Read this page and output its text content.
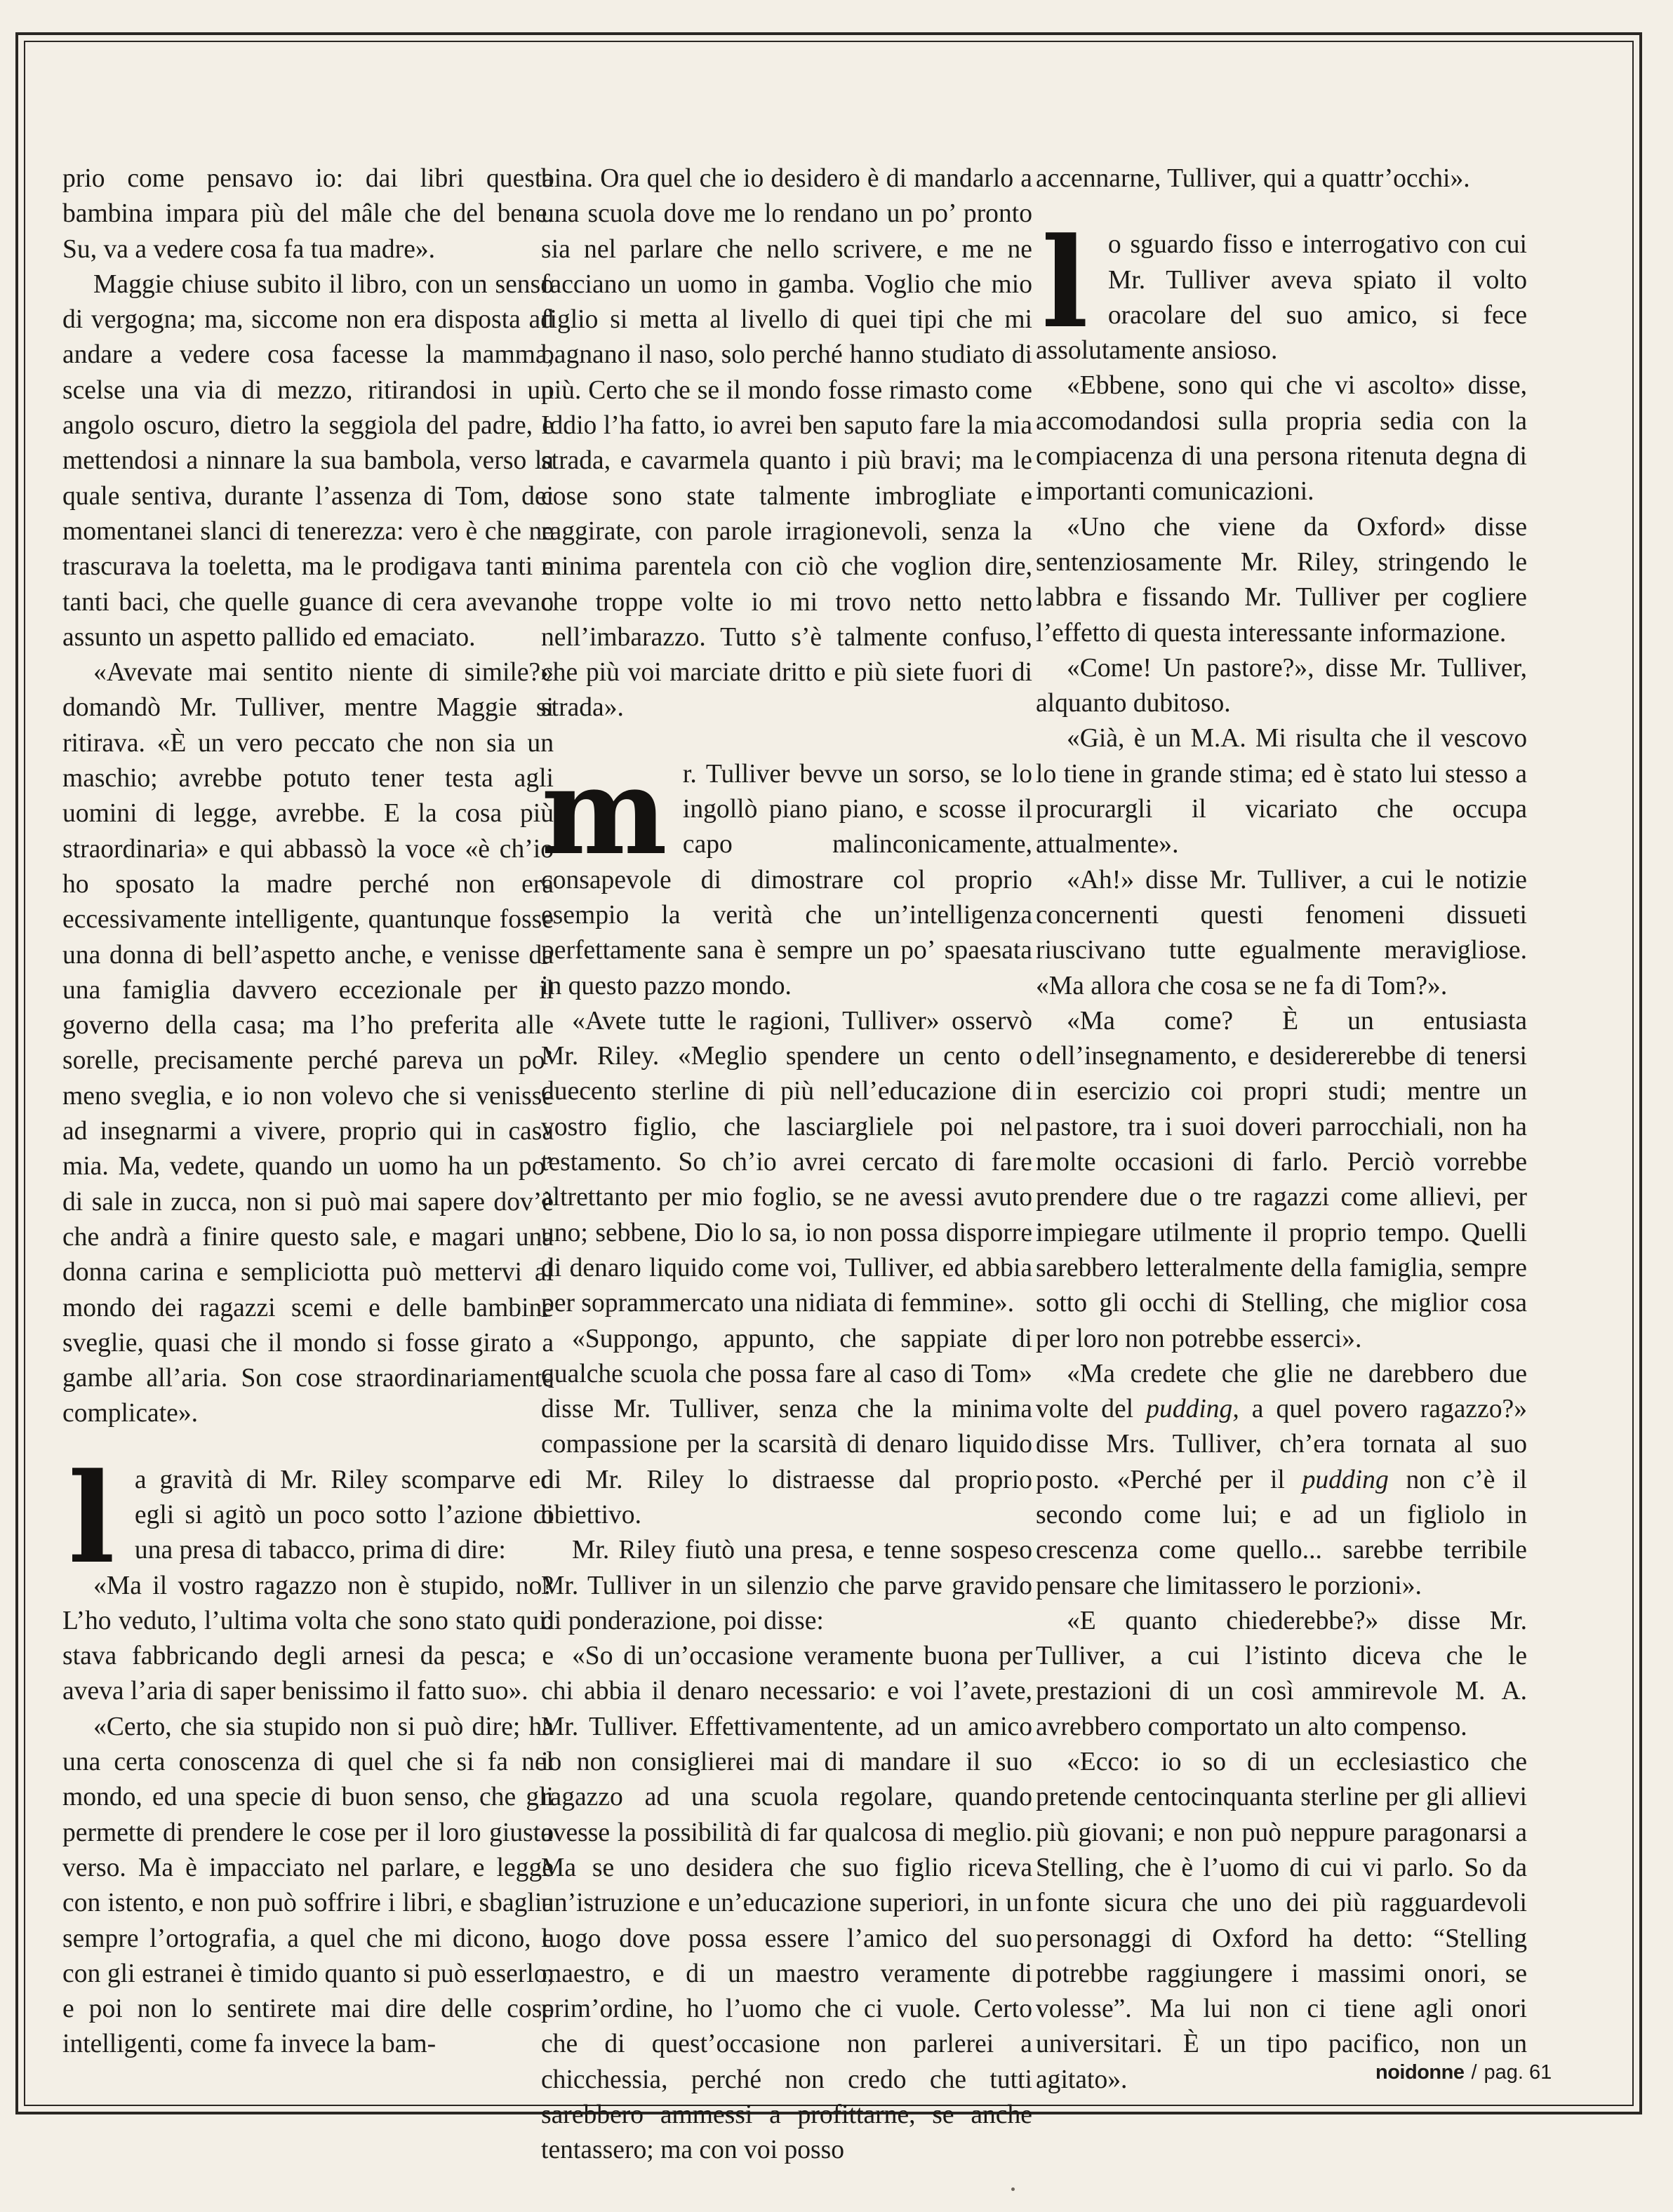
prio come pensavo io: dai libri questa bambina impara più del mâle che del bene. Su, va a vedere cosa fa tua madre».

Maggie chiuse subito il libro, con un senso di vergogna; ma, siccome non era disposta ad andare a vedere cosa facesse la mamma, scelse una via di mezzo, ritirandosi in un angolo oscuro, dietro la seggiola del padre, e mettendosi a ninnare la sua bambola, verso la quale sentiva, durante l’assenza di Tom, dei momentanei slanci di tenerezza: vero è che ne trascurava la toeletta, ma le prodigava tanti e tanti baci, che quelle guance di cera avevano assunto un aspetto pallido ed emaciato.

«Avevate mai sentito niente di simile?» domandò Mr. Tulliver, mentre Maggie si ritirava. «È un vero peccato che non sia un maschio; avrebbe potuto tener testa agli uomini di legge, avrebbe. E la cosa più straordinaria» e qui abbassò la voce «è ch’io ho sposato la madre perché non era eccessivamente intelligente, quantunque fosse una donna di bell’aspetto anche, e venisse da una famiglia davvero eccezionale per il governo della casa; ma l’ho preferita alle sorelle, precisamente perché pareva un po’ meno sveglia, e io non volevo che si venisse ad insegnarmi a vivere, proprio qui in casa mia. Ma, vedete, quando un uomo ha un po’ di sale in zucca, non si può mai sapere dov’è che andrà a finire questo sale, e magari una donna carina e sempliciotta può mettervi al mondo dei ragazzi scemi e delle bambine sveglie, quasi che il mondo si fosse girato a gambe all’aria. Son cose straordinariamente complicate».

la gravità di Mr. Riley scomparve ed egli si agitò un poco sotto l’azione di una presa di tabacco, prima di dire:

«Ma il vostro ragazzo non è stupido, no? L’ho veduto, l’ultima volta che sono stato qui: stava fabbricando degli arnesi da pesca; e aveva l’aria di saper benissimo il fatto suo».

«Certo, che sia stupido non si può dire; ha una certa conoscenza di quel che si fa nel mondo, ed una specie di buon senso, che gli permette di prendere le cose per il loro giusto verso. Ma è impacciato nel parlare, e legge con istento, e non può soffrire i libri, e sbaglia sempre l’ortografia, a quel che mi dicono, e con gli estranei è timido quanto si può esserlo, e poi non lo sentirete mai dire delle cose intelligenti, come fa invece la bam-

bina. Ora quel che io desidero è di mandarlo a una scuola dove me lo rendano un po’ pronto sia nel parlare che nello scrivere, e me ne facciano un uomo in gamba. Voglio che mio figlio si metta al livello di quei tipi che mi bagnano il naso, solo perché hanno studiato di più. Certo che se il mondo fosse rimasto come Iddio l’ha fatto, io avrei ben saputo fare la mia strada, e cavarmela quanto i più bravi; ma le cose sono state talmente imbrogliate e raggirate, con parole irragionevoli, senza la minima parentela con ciò che voglion dire, che troppe volte io mi trovo netto netto nell’imbarazzo. Tutto s’è talmente confuso, che più voi marciate dritto e più siete fuori di strada».

mr. Tulliver bevve un sorso, se lo ingollò piano piano, e scosse il capo malinconicamente, consapevole di dimostrare col proprio esempio la verità che un’intelligenza perfettamente sana è sempre un po’ spaesata in questo pazzo mondo.

«Avete tutte le ragioni, Tulliver» osservò Mr. Riley. «Meglio spendere un cento o duecento sterline di più nell’educazione di vostro figlio, che lasciargliele poi nel testamento. So ch’io avrei cercato di fare altrettanto per mio foglio, se ne avessi avuto uno; sebbene, Dio lo sa, io non possa disporre di denaro liquido come voi, Tulliver, ed abbia per soprammercato una nidiata di femmine».

«Suppongo, appunto, che sappiate di qualche scuola che possa fare al caso di Tom» disse Mr. Tulliver, senza che la minima compassione per la scarsità di denaro liquido di Mr. Riley lo distraesse dal proprio obiettivo.

Mr. Riley fiutò una presa, e tenne sospeso Mr. Tulliver in un silenzio che parve gravido di ponderazione, poi disse:

«So di un’occasione veramente buona per chi abbia il denaro necessario: e voi l’avete, Mr. Tulliver. Effettivamentente, ad un amico io non consiglierei mai di mandare il suo ragazzo ad una scuola regolare, quando avesse la possibilità di far qualcosa di meglio. Ma se uno desidera che suo figlio riceva un’istruzione e un’educazione superiori, in un luogo dove possa essere l’amico del suo maestro, e di un maestro veramente di prim’ordine, ho l’uomo che ci vuole. Certo che di quest’occasione non parlerei a chicchessia, perché non credo che tutti sarebbero ammessi a profittarne, se anche tentassero; ma con voi posso

accennarne, Tulliver, qui a quattr’occhi».

lo sguardo fisso e interrogativo con cui Mr. Tulliver aveva spiato il volto oracolare del suo amico, si fece assolutamente ansioso.

«Ebbene, sono qui che vi ascolto» disse, accomodandosi sulla propria sedia con la compiacenza di una persona ritenuta degna di importanti comunicazioni.

«Uno che viene da Oxford» disse sentenziosamente Mr. Riley, stringendo le labbra e fissando Mr. Tulliver per cogliere l’effetto di questa interessante informazione.

«Come! Un pastore?», disse Mr. Tulliver, alquanto dubitoso.

«Già, è un M.A. Mi risulta che il vescovo lo tiene in grande stima; ed è stato lui stesso a procurargli il vicariato che occupa attualmente».

«Ah!» disse Mr. Tulliver, a cui le notizie concernenti questi fenomeni dissueti riuscivano tutte egualmente meravigliose. «Ma allora che cosa se ne fa di Tom?».

«Ma come? È un entusiasta dell’insegnamento, e desidererebbe di tenersi in esercizio coi propri studi; mentre un pastore, tra i suoi doveri parrocchiali, non ha molte occasioni di farlo. Perciò vorrebbe prendere due o tre ragazzi come allievi, per impiegare utilmente il proprio tempo. Quelli sarebbero letteralmente della famiglia, sempre sotto gli occhi di Stelling, che miglior cosa per loro non potrebbe esserci».

«Ma credete che glie ne darebbero due volte del pudding, a quel povero ragazzo?» disse Mrs. Tulliver, ch’era tornata al suo posto. «Perché per il pudding non c’è il secondo come lui; e ad un figliolo in crescenza come quello... sarebbe terribile pensare che limitassero le porzioni».

«E quanto chiederebbe?» disse Mr. Tulliver, a cui l’istinto diceva che le prestazioni di un così ammirevole M. A. avrebbero comportato un alto compenso.

«Ecco: io so di un ecclesiastico che pretende centocinquanta sterline per gli allievi più giovani; e non può neppure paragonarsi a Stelling, che è l’uomo di cui vi parlo. So da fonte sicura che uno dei più ragguardevoli personaggi di Oxford ha detto: “Stelling potrebbe raggiungere i massimi onori, se volesse”. Ma lui non ci tiene agli onori universitari. È un tipo pacifico, non un agitato».	noidonne / pag. 61
